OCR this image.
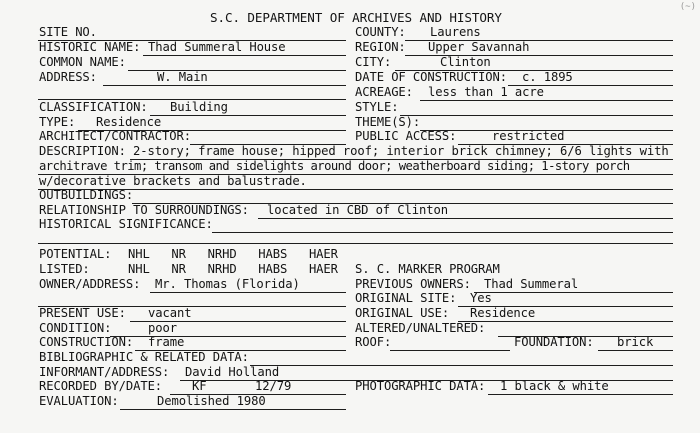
(~)
S.C. DEPARTMENT OF ARCHIVES AND HISTORY
SITE NO.	COUNTY: Laurens
HISTORIC NAME: Thad Summeral House	REGION: Upper Savannah
COMMON NAME:	CITY:	Clinton
ADDRESS:	W. Main	DATE OF CONSTRUCTION: c. 1895
ACREAGE: less than 1 acre
CLASSIFICATION: Building	STYLE:
TYPE: Residence	THEME(S):
ARCHITECT/CONTRACTOR:	PUBLIC ACCESS:	restricted
DESCRIPTION: 2-story; frame house; hipped roof; interior brick chimney; 6/6 lights with
architrave trim; transom and sidelights around door; weatherboard siding; 1-story porch
w/decorative brackets and balustrade.
OUTBUILDINGS:
RELATIONSHIP TO SURROUNDINGS: located in CBD of Clinton
HISTORICAL SIGNIFICANCE:
POTENTIAL: NHL   NR   NRHD   HABS   HAER
LISTED:	NHL   NR   NRHD   HABS   HAER S. C. MARKER PROGRAM
OWNER/ADDRESS: Mr. Thomas (Florida)	PREVIOUS OWNERS: Thad Summeral
ORIGINAL SITE: Yes
PRESENT USE: vacant	ORIGINAL USE: Residence
CONDITION:	poor	ALTERED/UNALTERED:
CONSTRUCTION: frame	ROOF:	FOUNDATION: brick
BIBLIOGRAPHIC & RELATED DATA:
INFORMANT/ADDRESS: David Holland
RECORDED BY/DATE: KF	12/79	PHOTOGRAPHIC DATA: 1 black & white
EVALUATION:	Demolished 1980
